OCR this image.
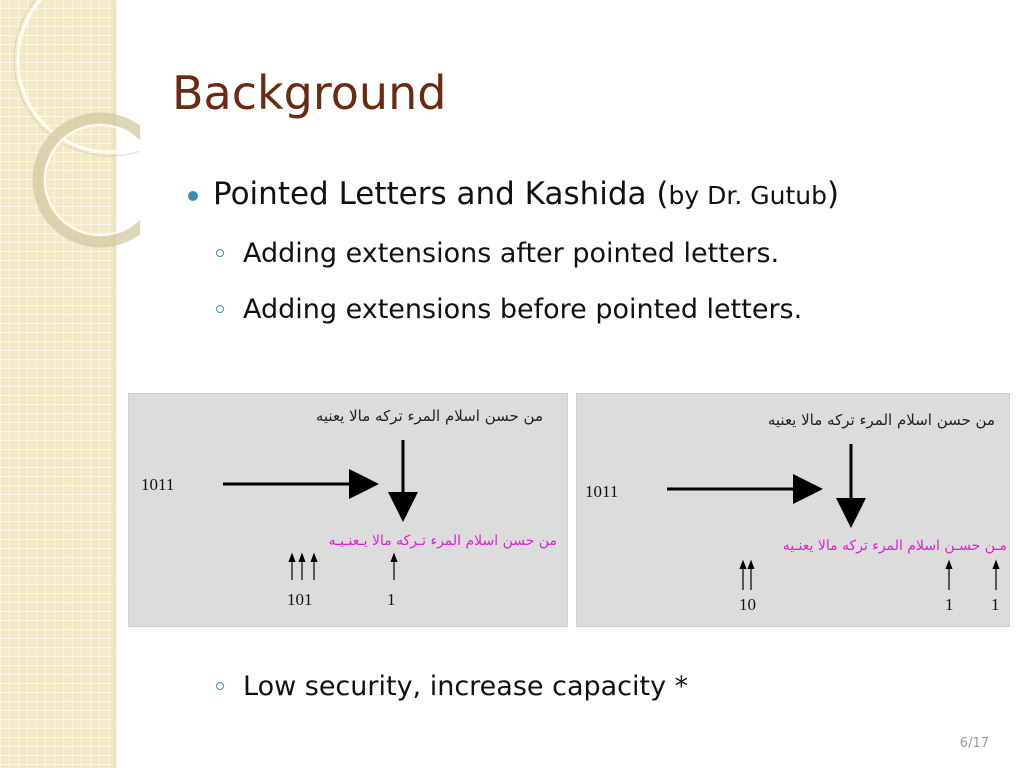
Background
Pointed Letters and Kashida (by Dr. Gutub)
Adding extensions after pointed letters.
Adding extensions before pointed letters.
من حسن اسلام المرء تركه مالا يعنيه
1011
من حسن اسلام المرء تـركه مالا يـعنـيـه
101	1
من حسن اسلام المرء تركه مالا يعنيه
1011
مـن حسـن اسلام المرء تركه مالا يعنـيه
10	1 1
Low security, increase capacity *
6/17
